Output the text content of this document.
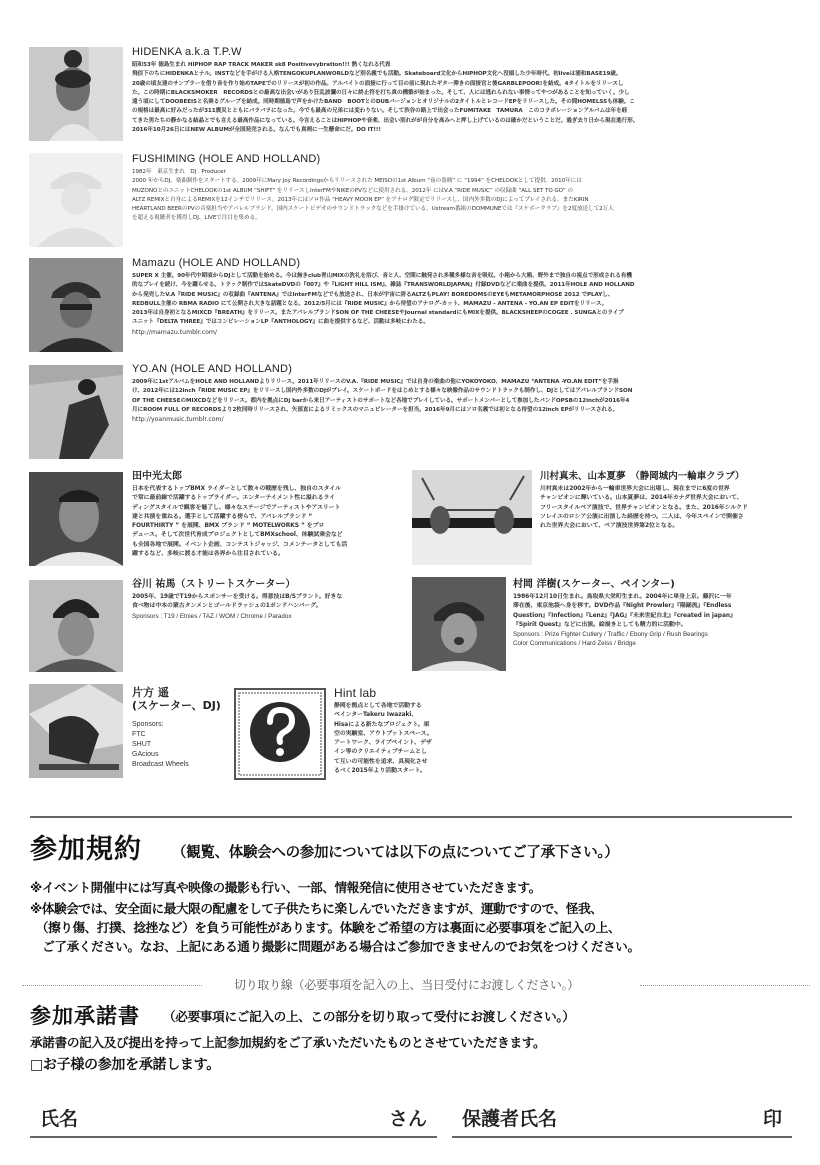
HIDENKA a.k.a T.P.W
昭和53年 徳島生まれ HIPHOP RAP TRACK MAKER sk8 Positivevybration!!! 熱くなれる代表
飛信下のちにHIDENKAとナル。INSTなどを手がける人格TENGOKUPLANWORLDなど別名義でも活動。Skateboard文化からHIPHOP文化へ没頭した少年時代。初liveは浦和BASE19歳。
20歳の頃友達のサンプラーを借り音を作り始めTAPEでのリリースが初の作品。アルバイトの面接に行って目の前に現れたギター弾きの面接官と後GARBLEPOOR!を結成。4タイトルをリリースし
た。この時期にBLACKSMOKER　RECORDSとの最高な出会いがあり狂乱波瀾の日々に終止符を打ち真の構築が始まった。そして、人には逃れられない事情ってやつがあることを知っていく。少し
遠う頃にしてDOOBEEISと名乗るグループを結成。同時期徳島で声をかけたBAND　BOOTとのDUBバージョンとオリジナルの2タイトルとレコードEPをリリースした。その間HOMELSSも体験。こ
の規格は最高に好みだったが311震災とともにバラバラになった。今でも最高の兄弟には変わりない。そして渋谷の路上で出会ったFUMITAKE　TAMURA　このコラボレーションアルバムは年を経
てきた男たちの静かなる結晶とでも言える最高作品になっている。今言えることはHIPHOPや音楽、出会い別れがが自分を高みへと押し上げているのは確かだということだ。過ぎ去り日から現在進行形。
2016年10月26日にはNEW ALBUMが全国発売される。なんでも真剣に一生懸命にだ。DO IT!!!
FUSHIMING (HOLE AND HOLLAND)
1982年　東京生まれ　DJ . Producer
2000 年からDJ、楽曲制作をスタートする。2009年にMary Joy Recordingsからリリースされた MEISOの1st Album “夜の盗賊” に “1994” をCHELOOKとして提供。2010年には
MUZONOとのユニットCHELOOKの1st ALBUM “SHIFT” をリリースしInterFMやNIKEのPVなどに使用される。2012年 にはV.A “RIDE MUSIC” の収録曲 “ALL SET TO GO” の
ALTZ REMIXと自身によるREMIXを12インチでリリース。2013年にはソロ作品 “HEAVY MOON EP” をアナログ限定でリリースし、国内外多数のDJによってプレイされる。またKIRIN
HEARTLAND BEERのPVの音楽担当やアパレルブランド、国内スケートビデオのサウンドトラックなどを手掛けている。Ustream番組のDOMMUNEでは『スケボークラブ』を2度放送して2万人
を超える視聴者を獲得しDJ、LIVEで注目を集める。
Mamazu (HOLE AND HOLLAND)
SUPER X 主催。90年代中期頃からDJとして活動を始める。今は無きclub青山MIXの洗礼を浴び、音と人、空間に触発され多種多様な音を吸収。小箱から大箱、野外まで独自の視点で形成される有機
的なプレイを続け、今を躍らせる。トラック制作ではSkateDVDの『007』や『LIGHT HILL ISM』、雑誌『TRANSWORLDJAPAN』付録DVDなどに楽曲を提供。2011年HOLE AND HOLLAND
から発売したV.A『RIDE MUSIC』の収録曲『ANTENA』ではInterFMなどでも放送され、日本が宇宙に誇るALTZもPLAY! BOREDOMSのEYEもMETAMORPHOSE 2012 でPLAYし、
REDBULL主催の RBMA RADIO にて公開され大きな話題となる。2012/5月には『RIDE MUSIC』から待望のアナログ-カット、MAMAZU - ANTENA - YO.AN EP EDITをリリース。
2013年は自身初となるMIXCD『BREATH』をリリース。またアパレルブランドSON OF THE CHEESEやJournal standardにもMIXを提供。BLACKSHEEPのCOGEE . SUNGAとのライブ
ユニット『DELTA THREE』ではコンピレーションLP『ANTHOLOGY』に曲を提供するなど、活動は多岐にわたる。
http://mamazu.tumblr.com/
YO.AN (HOLE AND HOLLAND)
2009年に1stアルバムをHOLE AND HOLLANDよりリリース。2011年リリースのV.A.『RIDE MUSIC』では自身の楽曲の他にYOKOYOKO、MAMAZU “ANTENA -YO.AN EDIT”を手掛
け、2012年には12inch『RIDE MUSIC EP』をリリースし国内外多数のDJがプレイ。スケートボードをはじめとする様々な映像作品のサウンドトラックも制作し、DJとしてはアパレルブランドSON
OF THE CHEESEのMIXCDなどをリリース。都内を拠点にDj barから来日アーティストのサポートなど各地でプレイしている。サポートメンバーとして参加したバンドOPSBの12inchが2016年4
月にROOM FULL OF RECORDSより2枚同時リリースされ、矢部直によるリミックスのマニュピレーターを担当。2016年9月にはソロ名義では初となる待望の12inch EPがリリースされる。
http://yoanmusic.tumblr.com/
田中光太郎
日本を代表するトップBMX ライダーとして数々の戦歴を残し、独自のスタイル
で常に最前線で活躍するトップライダー。エンターテイメント性に溢れるライ
ディングスタイルで観客を魅了し、様々なステージでアーティストやアスリート
達と共演を重ねる。選手として活躍する傍らで、アパレルブランド “
FOURTHIRTY ” を展開、BMX ブランド “ MOTELWORKS ” をプロ
デュース。そして次世代育成プロジェクトとしてBMXschool、体験試乗会など
も全国各地で展開。イベント企画、コンテストジャッジ、コメンテータとしても活
躍するなど、多岐に渡る才能は各界から注目されている。
川村真未、山本夏夢　（静岡城内一輪車クラブ）
川村真未は2002年から一輪車世界大会に出場し、現在までに6度の世界
チャンピオンに輝いている。山本夏夢は、2014年カナダ世界大会において、
フリースタイルペア演技で、世界チャンピオンとなる。また、2016年シルクド
ソレイユのロシア公演に出演した経歴を持つ。二人は、今年スペインで開催さ
れた世界大会において、ペア演技世界第2位となる。
谷川 祐馬（ストリートスケーター）
2005年、19歳でT19からスポンサーを受ける。得意技はB/Sブラント。好きな
食べ物は中本の蒙古タンメンとゴールドラッシュの1ポンドハンバーグ。
Sponsors : T19 / Etnies / TAZ / WOM / Chrome / Paradox
村岡 洋樹(スケーター、ペインター)
1986年12月10日生まれ。鳥取県大栄町生まれ。2004年に単身上京。藤沢に一年
滞在後、東京池袋へ身を移す。DVD作品『Night Prowler』『陽踊流』『Endless
Question』『Infection』『Lenz』『JAG』『未来世紀台北』『created in japan』
『Spirit Quest』などに出演。絵描きとしても精力的に活動中。
Sponsors : Prize Fighter Cutlery / Traffic / Ebony Grip / Rush Bearings
Color Communications / Hard Zeiss / Bridge
片方 遥
(スケーター、DJ)
Sponsors:
FTC
SHUT
GAcious
Broadcast Wheels
Hint lab
静岡を拠点として各地で活動する
ペインターTakeru Iwazaki、
Hisaによる新たなプロジェクト。架
空の実験室、アウトプットスペース。
アートワーク、ライブペイント、デザ
イン等のクリエイティブチームとし
て互いの可能性を追求、具現化させ
るべく2015年より活動スタート。
参加規約 （観覧、体験会への参加については以下の点についてご了承下さい。）
※イベント開催中には写真や映像の撮影も行い、一部、情報発信に使用させていただきます。
※体験会では、安全面に最大限の配慮をして子供たちに楽しんでいただきますが、運動ですので、怪我、
　（擦り傷、打撲、捻挫など）を負う可能性があります。体験をご希望の方は裏面に必要事項をご記入の上、
　ご了承ください。なお、上記にある通り撮影に問題がある場合はご参加できませんのでお気をつけください。
切り取り線（必要事項を記入の上、当日受付にお渡しください。）
参加承諾書 （必要事項にご記入の上、この部分を切り取って受付にお渡しください。）
承諾書の記入及び提出を持って上記参加規約をご了承いただいたものとさせていただきます。
□お子様の参加を承諾します。
氏名	さん 保護者氏名	印
